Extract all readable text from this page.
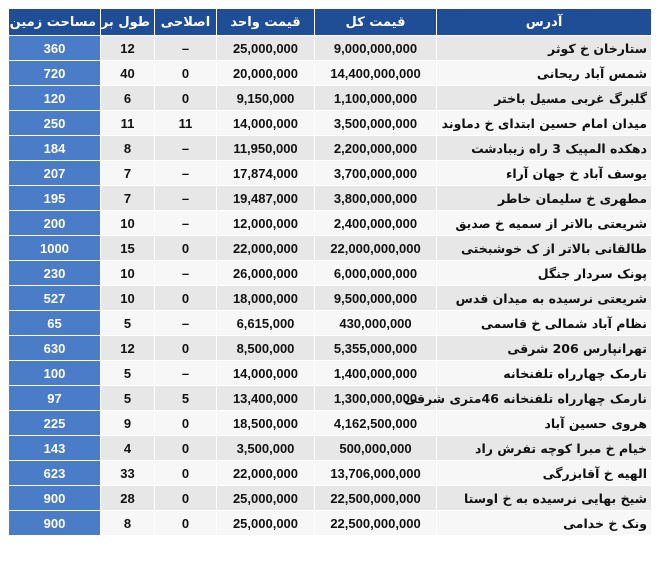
آدرس	قیمت کل	قیمت واحد	اصلاحی	طول بر	مساحت زمین
ستارخان خ کوثر	9,000,000,000	25,000,000	–	12	360
شمس آباد ریحانی	14,400,000,000	20,000,000	0	40	720
گلبرگ غربی مسیل باختر	1,100,000,000	9,150,000	0	6	120
میدان امام حسین ابتدای خ دماوند	3,500,000,000	14,000,000	11	11	250
دهکده المپیک 3 راه زیبادشت	2,200,000,000	11,950,000	–	8	184
یوسف آباد خ جهان آراء	3,700,000,000	17,874,000	–	7	207
مطهری خ سلیمان خاطر	3,800,000,000	19,487,000	–	7	195
شریعتی بالاتر از سمیه خ صدیق	2,400,000,000	12,000,000	–	10	200
طالقانی بالاتر از ک خوشبختی	22,000,000,000	22,000,000	0	15	1000
پونک سردار جنگل	6,000,000,000	26,000,000	–	10	230
شریعتی نرسیده به میدان قدس	9,500,000,000	18,000,000	0	10	527
نظام آباد شمالی خ قاسمی	430,000,000	6,615,000	–	5	65
تهرانپارس 206 شرقی	5,355,000,000	8,500,000	0	12	630
نارمک چهارراه تلفنخانه	1,400,000,000	14,000,000	–	5	100
نارمک چهارراه تلفنخانه 46متری شرقی	1,300,000,000	13,400,000	5	5	97
هروی حسین آباد	4,162,500,000	18,500,000	0	9	225
خیام خ مبرا کوچه تفرش راد	500,000,000	3,500,000	0	4	143
الهیه خ آقابزرگی	13,706,000,000	22,000,000	0	33	623
شیخ بهایی نرسیده به خ اوستا	22,500,000,000	25,000,000	0	28	900
ونک خ خدامی	22,500,000,000	25,000,000	0	8	900
